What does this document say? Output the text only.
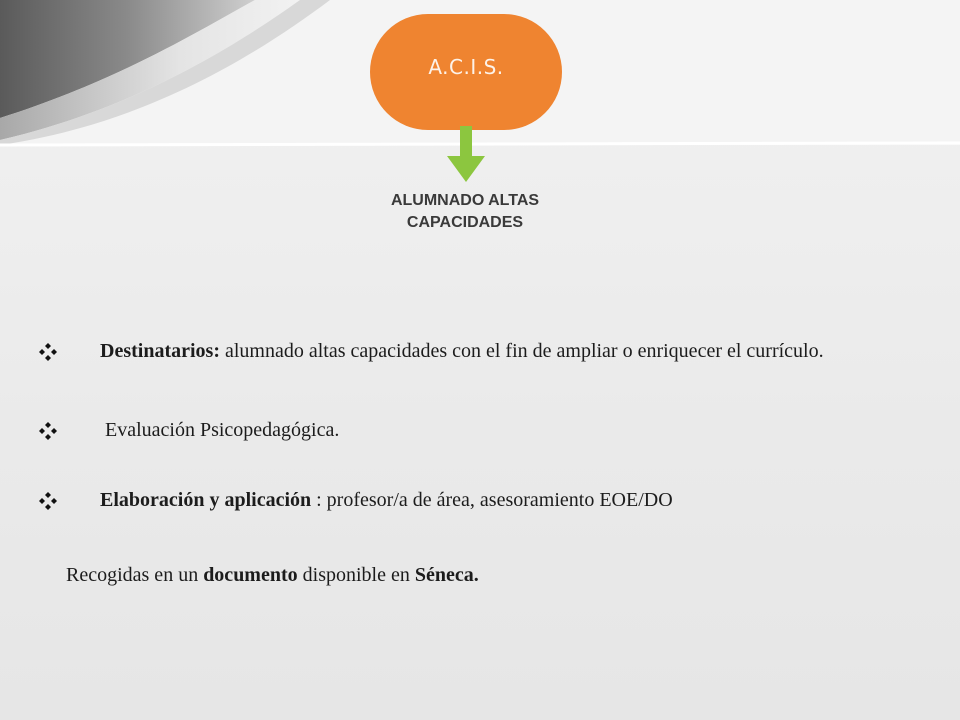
A.C.I.S.
ALUMNADO ALTAS
CAPACIDADES
Destinatarios: alumnado altas capacidades con el fin de ampliar o enriquecer el currículo.
Evaluación Psicopedagógica.
Elaboración y aplicación : profesor/a de área, asesoramiento EOE/DO
Recogidas en un documento disponible en Séneca.
